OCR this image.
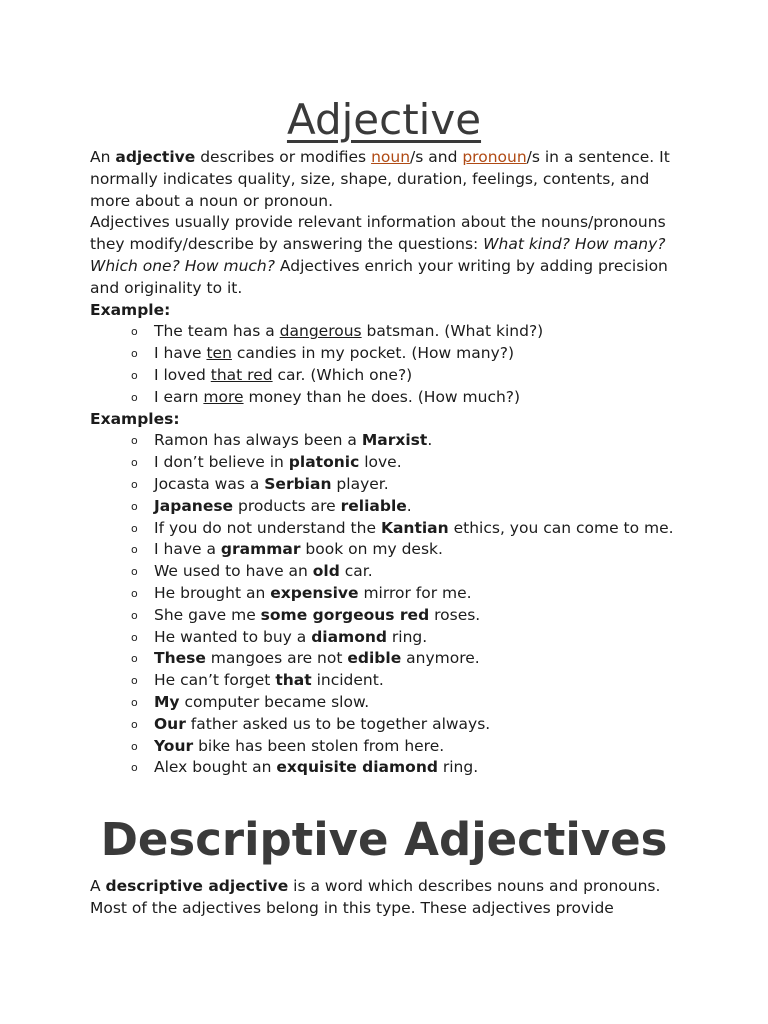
Adjective

An adjective describes or modifies noun/s and pronoun/s in a sentence. It normally indicates quality, size, shape, duration, feelings, contents, and more about a noun or pronoun.

Adjectives usually provide relevant information about the nouns/pronouns they modify/describe by answering the questions: What kind? How many? Which one? How much? Adjectives enrich your writing by adding precision and originality to it.

Example:

o The team has a dangerous batsman. (What kind?)
o I have ten candies in my pocket. (How many?)
o I loved that red car. (Which one?)
o I earn more money than he does. (How much?)

Examples:

o Ramon has always been a Marxist.
o I don’t believe in platonic love.
o Jocasta was a Serbian player.
o Japanese products are reliable.
o If you do not understand the Kantian ethics, you can come to me.
o I have a grammar book on my desk.
o We used to have an old car.
o He brought an expensive mirror for me.
o She gave me some gorgeous red roses.
o He wanted to buy a diamond ring.
o These mangoes are not edible anymore.
o He can’t forget that incident.
o My computer became slow.
o Our father asked us to be together always.
o Your bike has been stolen from here.
o Alex bought an exquisite diamond ring.
Descriptive Adjectives

A descriptive adjective is a word which describes nouns and pronouns. Most of the adjectives belong in this type. These adjectives provide
